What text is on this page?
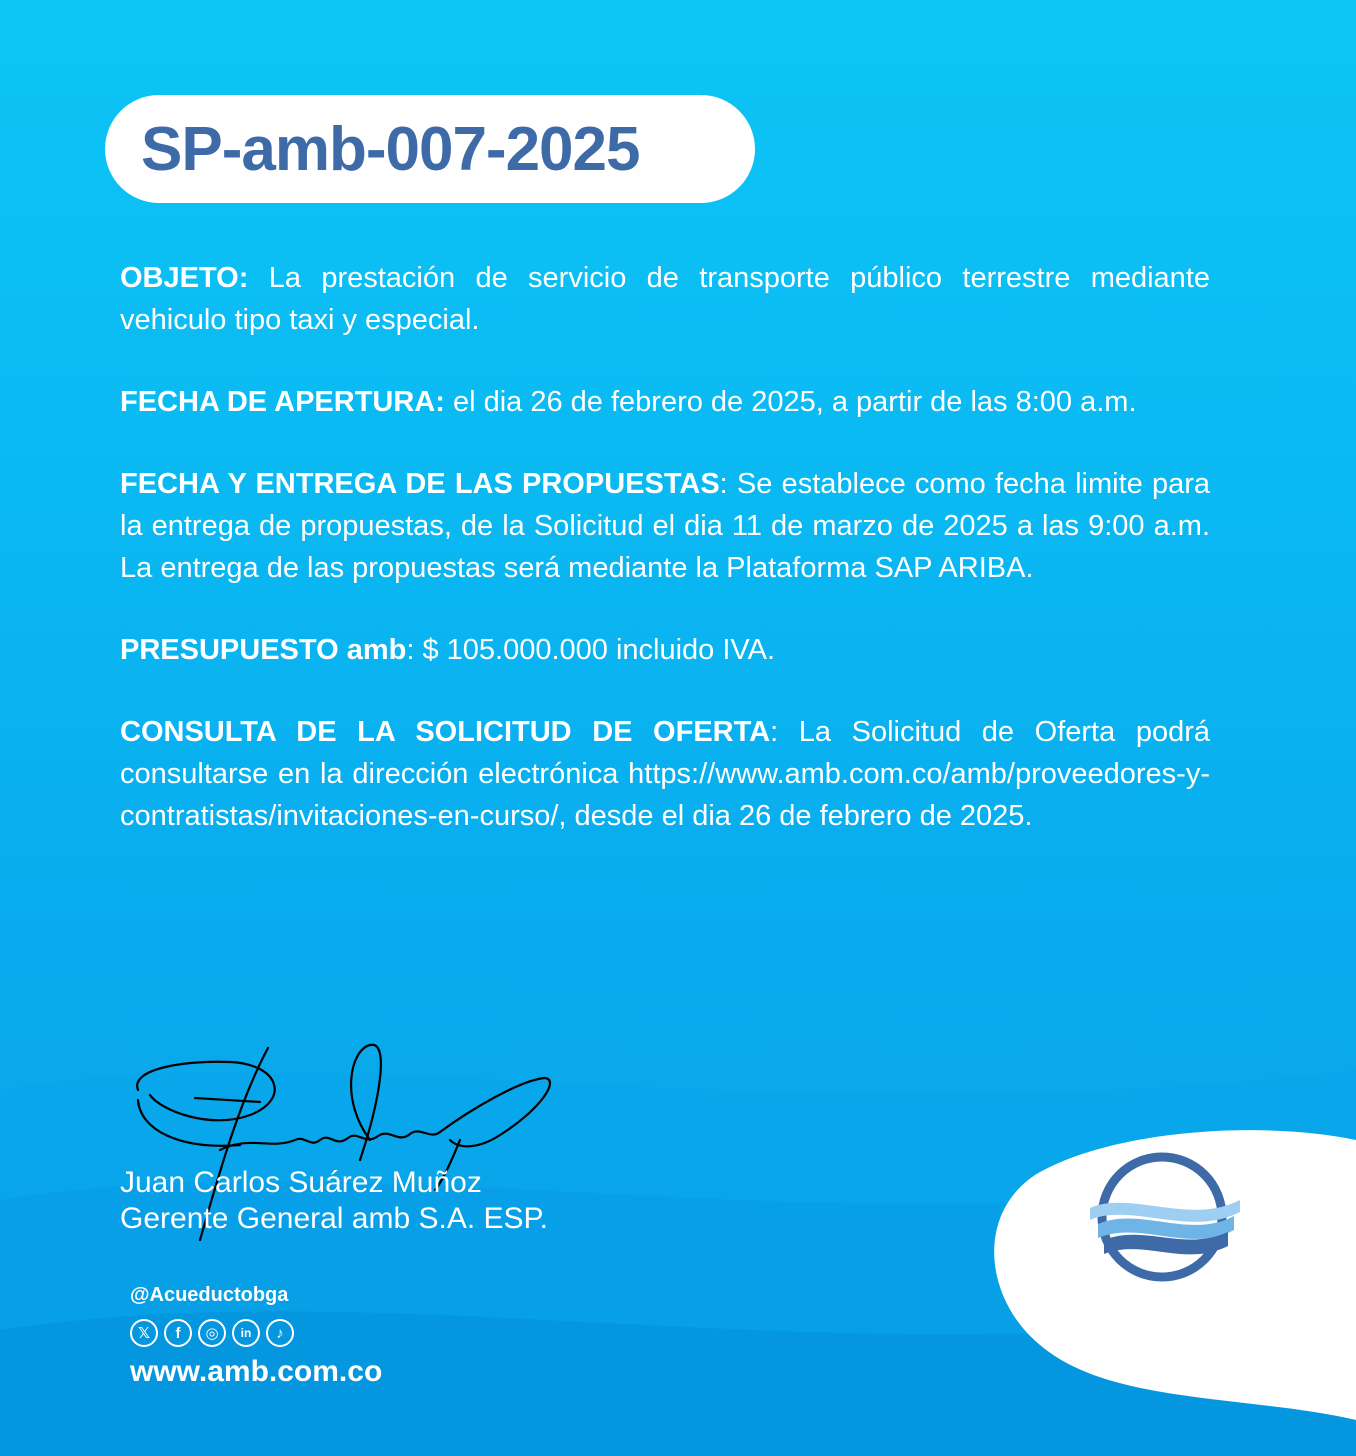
SP-amb-007-2025

OBJETO: La prestación de servicio de transporte público terrestre mediante vehiculo tipo taxi y especial.

FECHA DE APERTURA: el dia 26 de febrero de 2025, a partir de las 8:00 a.m.

FECHA Y ENTREGA DE LAS PROPUESTAS: Se establece como fecha limite para la entrega de propuestas, de la Solicitud el dia 11 de marzo de 2025 a las 9:00 a.m. La entrega de las propuestas será mediante la Plataforma SAP ARIBA.

PRESUPUESTO amb: $ 105.000.000 incluido IVA.

CONSULTA DE LA SOLICITUD DE OFERTA: La Solicitud de Oferta podrá consultarse en la dirección electrónica https://www.amb.com.co/amb/proveedores-y-contratistas/invitaciones-en-curso/, desde el dia 26 de febrero de 2025.

Juan Carlos Suárez Muñoz
Gerente General amb S.A. ESP.
@Acueductobga
𝕏	f	◎	in	♪
www.amb.com.co
